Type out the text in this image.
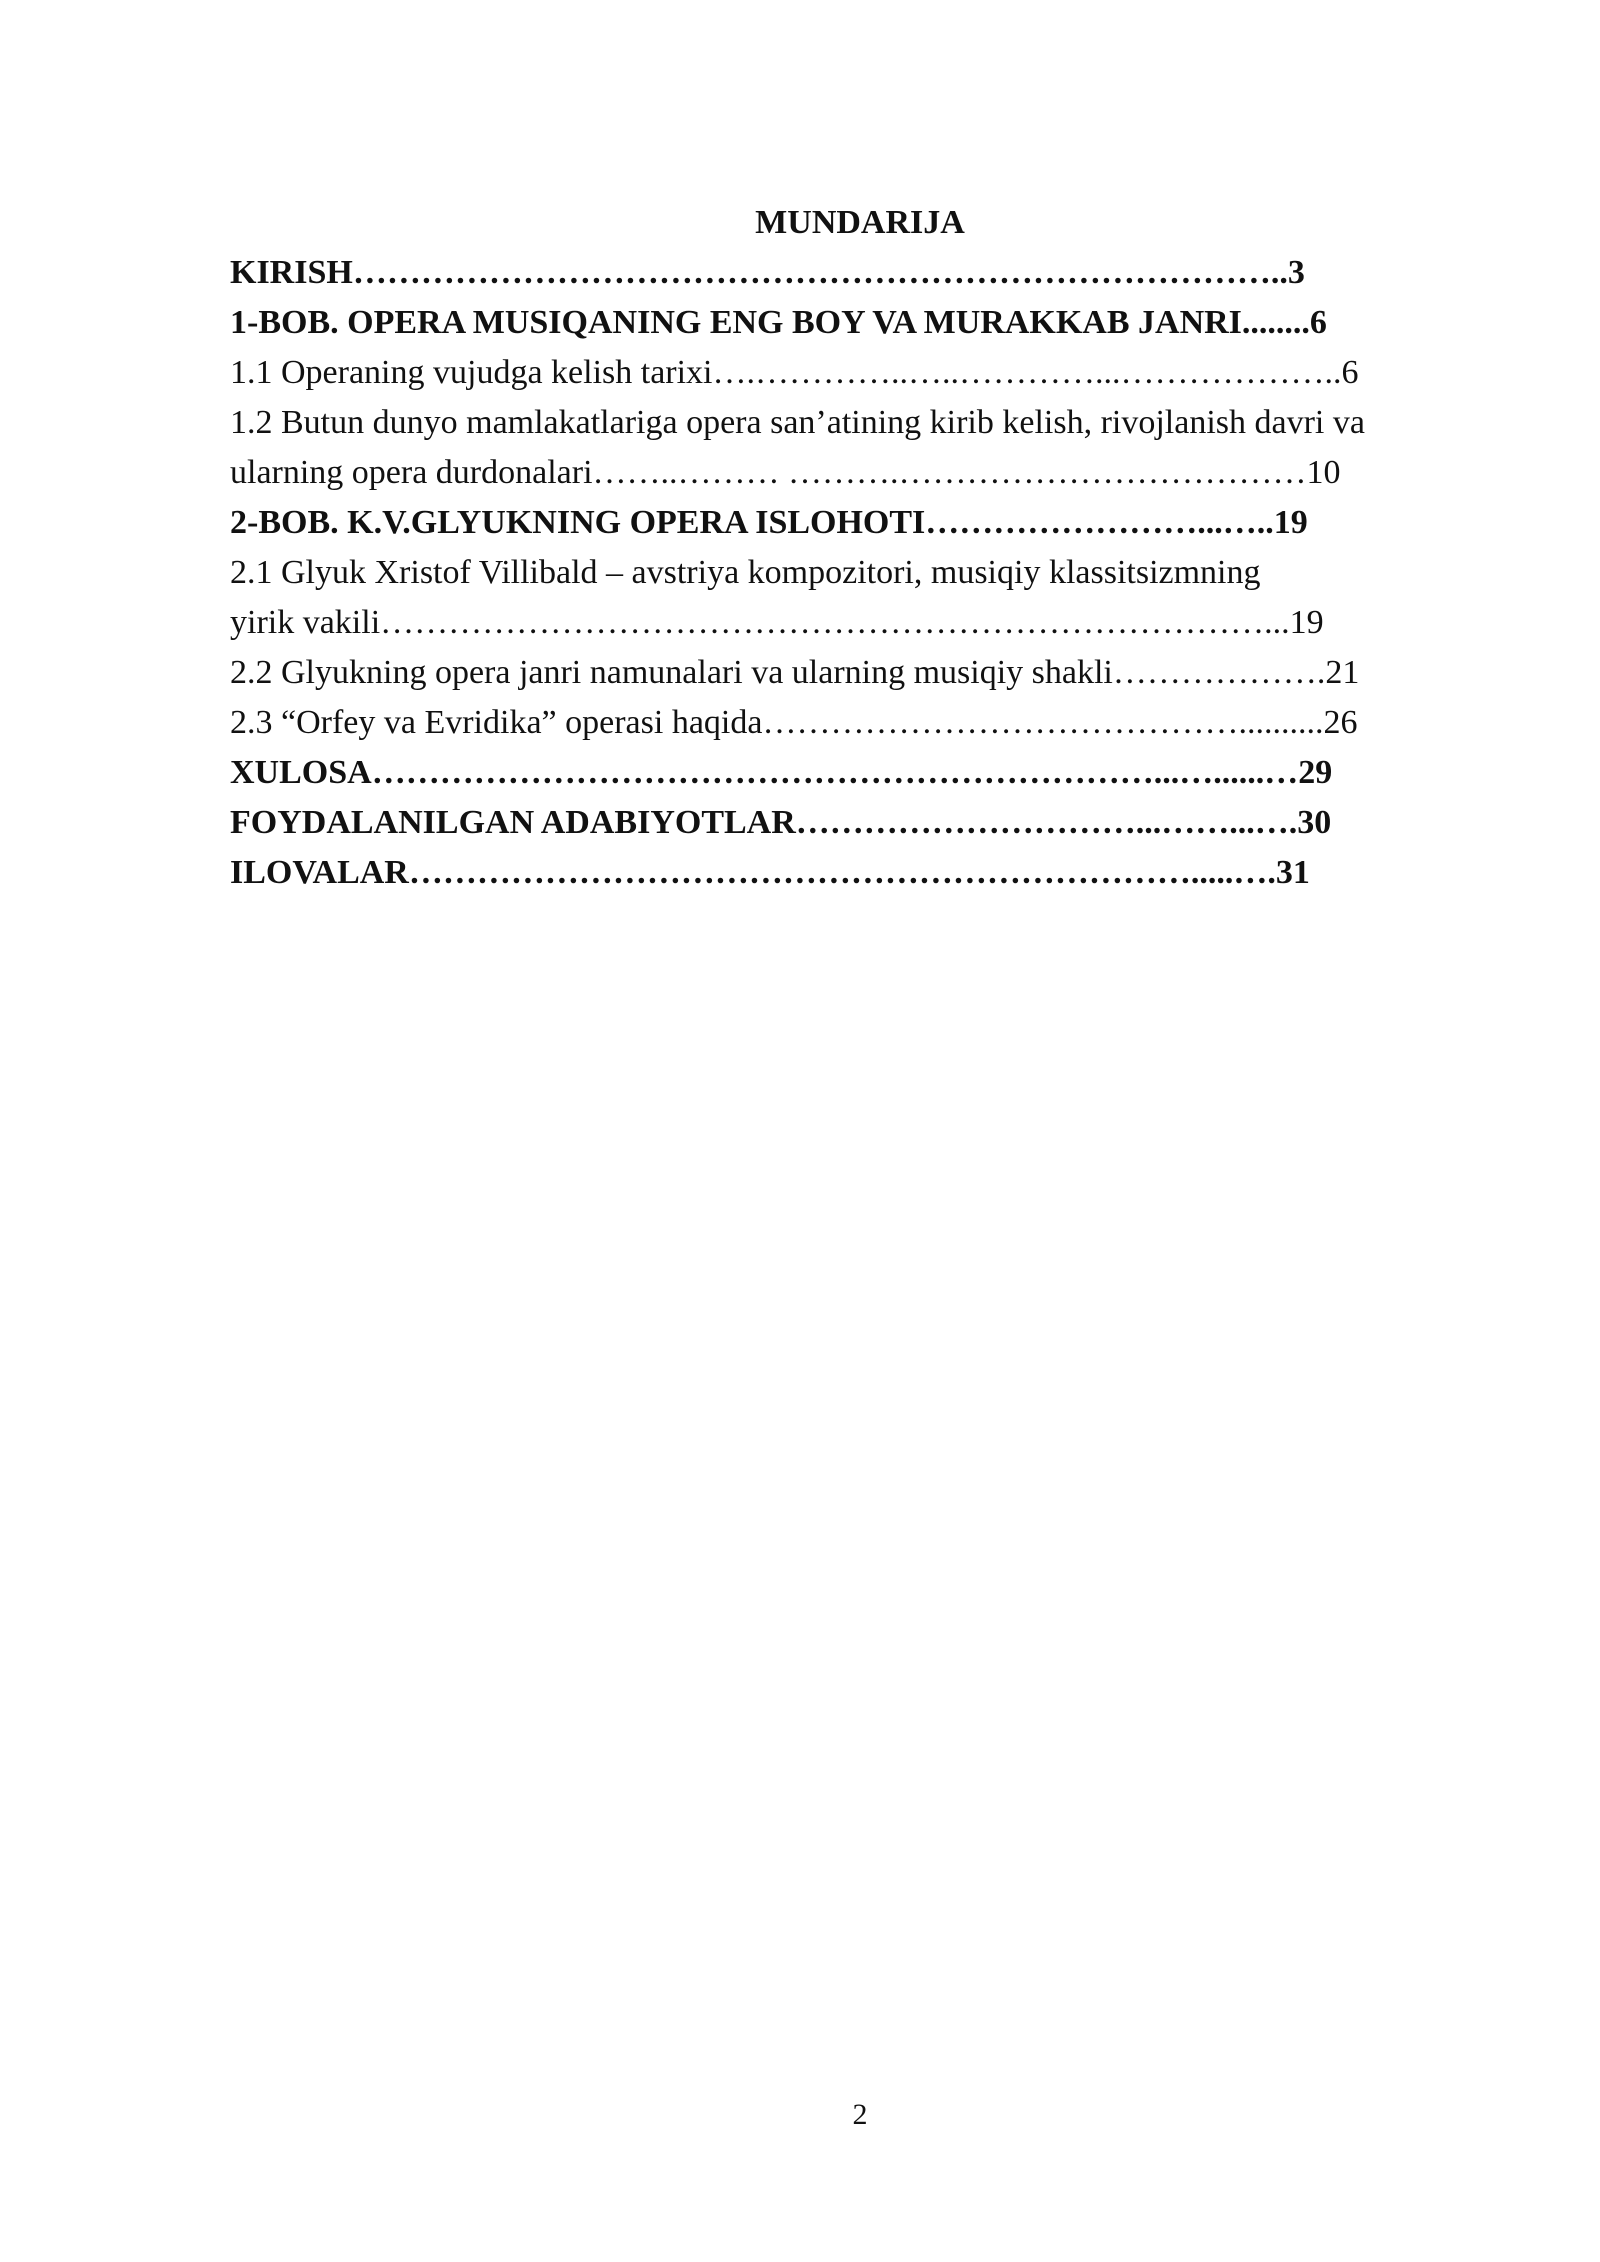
MUNDARIJA

KIRISH………………………………………………………………………..3

1-BOB. OPERA MUSIQANING ENG BOY VA MURAKKAB JANRI........6

1.1 Operaning vujudga kelish tarixi….…………..…..…………...………………..6

1.2 Butun dunyo mamlakatlariga opera san’atining kirib kelish, rivojlanish davri va

ularning opera durdonalari……..……… ……….………………………………10

2-BOB. K.V.GLYUKNING OPERA ISLOHOTI……………………...…..19

2.1 Glyuk Xristof Villibald – avstriya kompozitori, musiqiy klassitsizmning

yirik vakili……………………………………………………………………...19

2.2 Glyukning opera janri namunalari va ularning musiqiy shakli……………….21

2.3 “Orfey va Evridika” operasi haqida……………………………………..........26

XULOSA……………………………………………………………...…......…29

FOYDALANILGAN ADABIYOTLAR…………………………...……...….30

ILOVALAR…………………………………………………………….....….31

2
